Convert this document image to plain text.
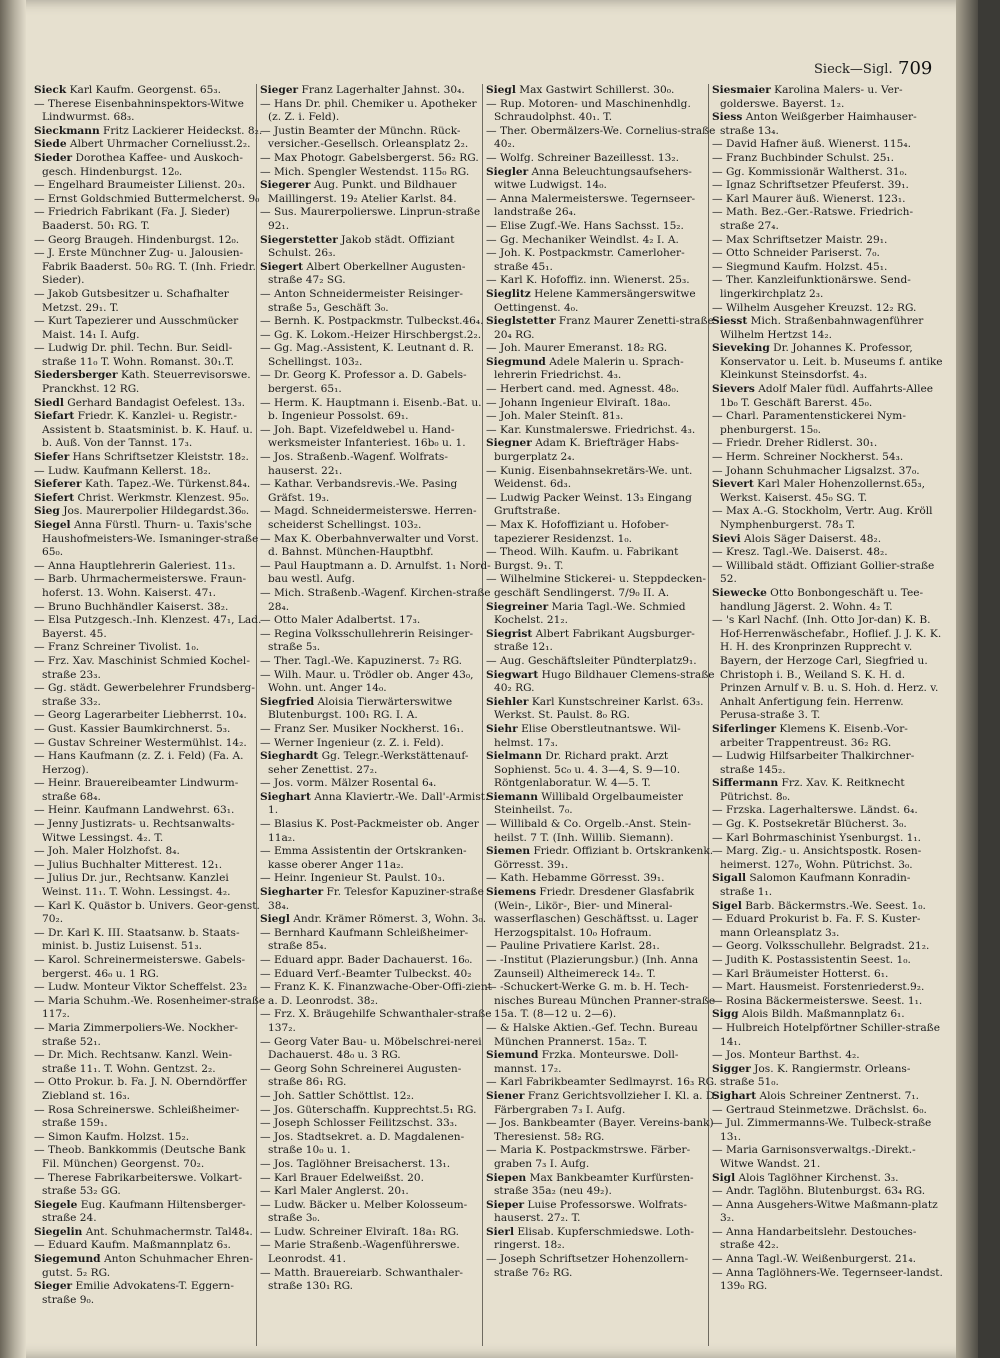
Sieck—Sigl. 709

Sieck Karl Kaufm. Georgenst. 65₃.

— Therese Eisenbahninspektors-Witwe Lindwurmst. 68₃.

Sieckmann Fritz Lackierer Heideckst. 8₂.

Siede Albert Uhrmacher Corneliusst.2₂.

Sieder Dorothea Kaffee- und Auskoch-gesch. Hindenburgst. 12₀.

— Engelhard Braumeister Lilienst. 20₃.

— Ernst Goldschmied Buttermelcherst. 9₀

— Friedrich Fabrikant (Fa. J. Sieder) Baaderst. 50₁ RG. T.

— Georg Braugeh. Hindenburgst. 12₀.

— J. Erste Münchner Zug- u. Jalousien-Fabrik Baaderst. 50₀ RG. T. (Inh. Friedr. Sieder).

— Jakob Gutsbesitzer u. Schafhalter Metzst. 29₁. T.

— Kurt Tapezierer und Ausschmücker Maist. 14₁ I. Aufg.

— Ludwig Dr. phil. Techn. Bur. Seidl-straße 11₀ T. Wohn. Romanst. 30₁.T.

Siedersberger Kath. Steuerrevisorswe. Pranckhst. 12 RG.

Siedl Gerhard Bandagist Oefelest. 13₃.

Siefart Friedr. K. Kanzlei- u. Registr.-Assistent b. Staatsminist. b. K. Hauf. u. b. Auß. Von der Tannst. 17₃.

Siefer Hans Schriftsetzer Kleiststr. 18₂.

— Ludw. Kaufmann Kellerst. 18₂.

Sieferer Kath. Tapez.-We. Türkenst.84₄.

Siefert Christ. Werkmstr. Klenzest. 95₀.

Sieg Jos. Maurerpolier Hildegardst.36₀.

Siegel Anna Fürstl. Thurn- u. Taxis'sche Haushofmeisters-We. Ismaninger-straße 65₀.

— Anna Hauptlehrerin Galeriest. 11₃.

— Barb. Uhrmachermeisterswe. Fraun-hoferst. 13. Wohn. Kaiserst. 47₁.

— Bruno Buchhändler Kaiserst. 38₂.

— Elsa Putzgesch.-Inh. Klenzest. 47₁, Lad. Bayerst. 45.

— Franz Schreiner Tivolist. 1₀.

— Frz. Xav. Maschinist Schmied Kochel-straße 23₃.

— Gg. städt. Gewerbelehrer Frundsberg-straße 33₂.

— Georg Lagerarbeiter Liebherrst. 10₄.

— Gust. Kassier Baumkirchnerst. 5₃.

— Gustav Schreiner Westermühlst. 14₂.

— Hans Kaufmann (z. Z. i. Feld) (Fa. A. Herzog).

— Heinr. Brauereibeamter Lindwurm-straße 68₄.

— Heinr. Kaufmann Landwehrst. 63₁.

— Jenny Justizrats- u. Rechtsanwalts-Witwe Lessingst. 4₂. T.

— Joh. Maler Holzhofst. 8₄.

— Julius Buchhalter Mitterest. 12₁.

— Julius Dr. jur., Rechtsanw. Kanzlei Weinst. 11₁. T. Wohn. Lessingst. 4₂.

— Karl K. Quästor b. Univers. Geor-genst. 70₂.

— Dr. Karl K. III. Staatsanw. b. Staats-minist. b. Justiz Luisenst. 51₃.

— Karol. Schreinermeisterswe. Gabels-bergerst. 46₀ u. 1 RG.

— Ludw. Monteur Viktor Scheffelst. 23₂

— Maria Schuhm.-We. Rosenheimer-straße 117₂.

— Maria Zimmerpoliers-We. Nockher-straße 52₁.

— Dr. Mich. Rechtsanw. Kanzl. Wein-straße 11₁. T. Wohn. Gentzst. 2₂.

— Otto Prokur. b. Fa. J. N. Oberndörffer Ziebland st. 16₃.

— Rosa Schreinerswe. Schleißheimer-straße 159₁.

— Simon Kaufm. Holzst. 15₂.

— Theob. Bankkommis (Deutsche Bank Fil. München) Georgenst. 70₂.

— Therese Fabrikarbeiterswe. Volkart-straße 53₂ GG.

Siegele Eug. Kaufmann Hiltensberger-straße 24.

Siegelin Ant. Schuhmachermstr. Tal48₄.

— Eduard Kaufm. Maßmannplatz 6₃.

Siegemund Anton Schuhmacher Ehren-gutst. 5₂ RG.

Sieger Emilie Advokatens-T. Eggern-straße 9₀.

Sieger Franz Lagerhalter Jahnst. 30₄.

— Hans Dr. phil. Chemiker u. Apotheker (z. Z. i. Feld).

— Justin Beamter der Münchn. Rück-versicher.-Gesellsch. Orleansplatz 2₂.

— Max Photogr. Gabelsbergerst. 56₂ RG.

— Mich. Spengler Westendst. 115₀ RG.

Siegerer Aug. Punkt. und Bildhauer Maillingerst. 19₂ Atelier Karlst. 84.

— Sus. Maurerpolierswe. Linprun-straße 92₁.

Siegerstetter Jakob städt. Offiziant Schulst. 26₃.

Siegert Albert Oberkellner Augusten-straße 47₂ SG.

— Anton Schneidermeister Reisinger-straße 5₃, Geschäft 3₀.

— Bernh. K. Postpackmstr. Tulbeckst.46₄.

— Gg. K. Lokom.-Heizer Hirschbergst.2₂.

— Gg. Mag.-Assistent, K. Leutnant d. R. Schellingst. 103₂.

— Dr. Georg K. Professor a. D. Gabels-bergerst. 65₁.

— Herm. K. Hauptmann i. Eisenb.-Bat. u. b. Ingenieur Possolst. 69₁.

— Joh. Bapt. Vizefeldwebel u. Hand-werksmeister Infanteriest. 16b₀ u. 1.

— Jos. Straßenb.-Wagenf. Wolfrats-hauserst. 22₁.

— Kathar. Verbandsrevis.-We. Pasing Gräfst. 19₃.

— Magd. Schneidermeisterswe. Herren-scheiderst Schellingst. 103₂.

— Max K. Oberbahnverwalter und Vorst. d. Bahnst. München-Hauptbhf.

— Paul Hauptmann a. D. Arnulfst. 1₁ Nord-bau westl. Aufg.

— Mich. Straßenb.-Wagenf. Kirchen-straße 28₄.

— Otto Maler Adalbertst. 17₃.

— Regina Volksschullehrerin Reisinger-straße 5₃.

— Ther. Tagl.-We. Kapuzinerst. 7₂ RG.

— Wilh. Maur. u. Trödler ob. Anger 43₀, Wohn. unt. Anger 14₀.

Siegfried Aloisia Tierwärterswitwe Blutenburgst. 100₁ RG. I. A.

— Franz Ser. Musiker Nockherst. 16₁.

— Werner Ingenieur (z. Z. i. Feld).

Sieghardt Gg. Telegr.-Werkstättenauf-seher Zenettist. 27₂.

— Jos. vorm. Mälzer Rosental 6₄.

Sieghart Anna Klaviertr.-We. Dall'-Armist. 1.

— Blasius K. Post-Packmeister ob. Anger 11a₂.

— Emma Assistentin der Ortskranken-kasse oberer Anger 11a₂.

— Heinr. Ingenieur St. Paulst. 10₃.

Siegharter Fr. Telesfor Kapuziner-straße 38₄.

Siegl Andr. Krämer Römerst. 3, Wohn. 3₀.

— Bernhard Kaufmann Schleißheimer-straße 85₄.

— Eduard appr. Bader Dachauerst. 16₀.

— Eduard Verf.-Beamter Tulbeckst. 40₂

— Franz K. K. Finanzwache-Ober-Offi-zient a. D. Leonrodst. 38₂.

— Frz. X. Bräugehilfe Schwanthaler-straße 137₂.

— Georg Vater Bau- u. Möbelschrei-nerei Dachauerst. 48₀ u. 3 RG.

— Georg Sohn Schreinerei Augusten-straße 86₁ RG.

— Joh. Sattler Schöttlst. 12₂.

— Jos. Güterschaffn. Kupprechtst.5₁ RG.

— Joseph Schlosser Feilitzschst. 33₃.

— Jos. Stadtsekret. a. D. Magdalenen-straße 10₀ u. 1.

— Jos. Taglöhner Breisacherst. 13₁.

— Karl Brauer Edelweißst. 20.

— Karl Maler Anglerst. 20₁.

— Ludw. Bäcker u. Melber Kolosseum-straße 3₀.

— Ludw. Schreiner Elviraſt. 18a₁ RG.

— Marie Straßenb.-Wagenführerswe. Leonrodst. 41.

— Matth. Brauereiarb. Schwanthaler-straße 130₁ RG.

Siegl Max Gastwirt Schillerst. 30₀.

— Rup. Motoren- und Maschinenhdlg. Schraudolphst. 40₁. T.

— Ther. Obermälzers-We. Cornelius-straße 40₂.

— Wolfg. Schreiner Bazeillesst. 13₂.

Siegler Anna Beleuchtungsaufsehers-witwe Ludwigst. 14₀.

— Anna Malermeisterswe. Tegernseer-landstraße 26₄.

— Elise Zugf.-We. Hans Sachsst. 15₂.

— Gg. Mechaniker Weindlst. 4₂ I. A.

— Joh. K. Postpackmstr. Camerloher-straße 45₁.

— Karl K. Hofoffiz. inn. Wienerst. 25₃.

Sieglitz Helene Kammersängerswitwe Oettingenst. 4₀.

Sieglstetter Franz Maurer Zenetti-straße 20₄ RG.

— Joh. Maurer Emeranst. 18₂ RG.

Siegmund Adele Malerin u. Sprach-lehrerin Friedrichst. 4₃.

— Herbert cand. med. Agnesst. 48₀.

— Johann Ingenieur Elviraſt. 18a₀.

— Joh. Maler Steinſt. 81₃.

— Kar. Kunstmalerswe. Friedrichst. 4₃.

Siegner Adam K. Briefträger Habs-burgerplatz 2₄.

— Kunig. Eisenbahnsekretärs-We. unt. Weidenst. 6d₃.

— Ludwig Packer Weinst. 13₃ Eingang Gruftstraße.

— Max K. Hofoffiziant u. Hofober-tapezierer Residenzst. 1₀.

— Theod. Wilh. Kaufm. u. Fabrikant Burgst. 9₁. T.

— Wilhelmine Stickerei- u. Steppdecken-geschäft Sendlingerst. 7/9₀ II. A.

Siegreiner Maria Tagl.-We. Schmied Kochelst. 21₂.

Siegrist Albert Fabrikant Augsburger-straße 12₁.

— Aug. Geschäftsleiter Pündterplatz9₁.

Siegwart Hugo Bildhauer Clemens-straße 40₂ RG.

Siehler Karl Kunstschreiner Karlst. 63₃. Werkst. St. Paulst. 8₀ RG.

Siehr Elise Oberstleutnantswe. Wil-helmst. 17₃.

Sielmann Dr. Richard prakt. Arzt Sophienst. 5c₀ u. 4. 3—4, S. 9—10. Röntgenlaboratur. W. 4—5. T.

Siemann Willibald Orgelbaumeister Steinheilst. 7₀.

— Willibald & Co. Orgelb.-Anst. Stein-heilst. 7 T. (Inh. Willib. Siemann).

Siemen Friedr. Offiziant b. Ortskrankenk. Görresst. 39₁.

— Kath. Hebamme Görresst. 39₁.

Siemens Friedr. Dresdener Glasfabrik (Wein-, Likör-, Bier- und Mineral-wasserflaschen) Geschäftsst. u. Lager Herzogspitalst. 10₀ Hofraum.

— Pauline Privatiere Karlst. 28₁.

— -Institut (Plazierungsbur.) (Inh. Anna Zaunseil) Altheimereck 14₂. T.

— -Schuckert-Werke G. m. b. H. Tech-nisches Bureau München Pranner-straße 15a. T. (8—12 u. 2—6).

— & Halske Aktien.-Gef. Techn. Bureau München Prannerst. 15a₂. T.

Siemund Frzka. Monteurswe. Doll-mannst. 17₂.

— Karl Fabrikbeamter Sedlmayrst. 16₃ RG.

Siener Franz Gerichtsvollzieher I. Kl. a. D. Färbergraben 7₃ I. Aufg.

— Jos. Bankbeamter (Bayer. Vereins-bank) Theresienst. 58₂ RG.

— Maria K. Postpackmstrswe. Färber-graben 7₃ I. Aufg.

Siepen Max Bankbeamter Kurfürsten-straße 35a₂ (neu 49₂).

Sieper Luise Professorswe. Wolfrats-hauserst. 27₂. T.

Sierl Elisab. Kupferschmiedswe. Loth-ringerst. 18₂.

— Joseph Schriftsetzer Hohenzollern-straße 76₂ RG.

Siesmaier Karolina Malers- u. Ver-golderswe. Bayerst. 1₂.

Siess Anton Weißgerber Haimhauser-straße 13₄.

— David Hafner äuß. Wienerst. 115₄.

— Franz Buchbinder Schulst. 25₁.

— Gg. Kommissionär Waltherst. 31₀.

— Ignaz Schriftsetzer Pfeuferst. 39₁.

— Karl Maurer äuß. Wienerst. 123₁.

— Math. Bez.-Ger.-Ratswe. Friedrich-straße 27₄.

— Max Schriftsetzer Maistr. 29₁.

— Otto Schneider Pariserst. 7₀.

— Siegmund Kaufm. Holzst. 45₁.

— Ther. Kanzleifunktionärswe. Send-lingerkirchplatz 2₃.

— Wilhelm Ausgeher Kreuzst. 12₂ RG.

Siesst Mich. Straßenbahnwagenführer Wilhelm Hertzst 14₂.

Sieveking Dr. Johannes K. Professor, Konservator u. Leit. b. Museums f. antike Kleinkunst Steinsdorfst. 4₃.

Sievers Adolf Maler füdl. Auffahrts-Allee 1b₀ T. Geschäft Barerst. 45₀.

— Charl. Paramentenstickerei Nym-phenburgerst. 15₀.

— Friedr. Dreher Ridlerst. 30₁.

— Herm. Schreiner Nockherst. 54₃.

— Johann Schuhmacher Ligsalzst. 37₀.

Sievert Karl Maler Hohenzollernst.65₃, Werkst. Kaiserst. 45₀ SG. T.

— Max A.-G. Stockholm, Vertr. Aug. Kröll Nymphenburgerst. 78₃ T.

Sievi Alois Säger Daiserst. 48₂.

— Kresz. Tagl.-We. Daiserst. 48₂.

— Willibald städt. Offiziant Gollier-straße 52.

Siewecke Otto Bonbongeschäft u. Tee-handlung Jägerst. 2. Wohn. 4₂ T.

— 's Karl Nachf. (Inh. Otto Jor-dan) K. B. Hof-Herrenwäschefabr., Hoflief. J. J. K. K. H. H. des Kronprinzen Rupprecht v. Bayern, der Herzoge Carl, Siegfried u. Christoph i. B., Weiland S. K. H. d. Prinzen Arnulf v. B. u. S. Hoh. d. Herz. v. Anhalt Anfertigung fein. Herrenw. Perusa-straße 3. T.

Siferlinger Klemens K. Eisenb.-Vor-arbeiter Trappentreust. 36₂ RG.

— Ludwig Hilfsarbeiter Thalkirchner-straße 145₂.

Siffermann Frz. Xav. K. Reitknecht Pütrichst. 8₀.

— Frzska. Lagerhalterswe. Ländst. 6₄.

— Gg. K. Postsekretär Blücherst. 3₀.

— Karl Bohrmaschinist Ysenburgst. 1₁.

— Marg. Zig.- u. Ansichtspostk. Rosen-heimerst. 127₀, Wohn. Pütrichst. 3₀.

Sigall Salomon Kaufmann Konradin-straße 1₁.

Sigel Barb. Bäckermstrs.-We. Seest. 1₀.

— Eduard Prokurist b. Fa. F. S. Kuster-mann Orleansplatz 3₃.

— Georg. Volksschullehr. Belgradst. 21₂.

— Judith K. Postassistentin Seest. 1₀.

— Karl Bräumeister Hotterst. 6₁.

— Mart. Hausmeist. Forstenriederst.9₂.

— Rosina Bäckermeisterswe. Seest. 1₁.

Sigg Alois Bildh. Maßmannplatz 6₁.

— Hulbreich Hotelpförtner Schiller-straße 14₁.

— Jos. Monteur Barthst. 4₂.

Sigger Jos. K. Rangiermstr. Orleans-straße 51₀.

Sighart Alois Schreiner Zentnerst. 7₁.

— Gertraud Steinmetzwe. Drächslst. 6₀.

— Jul. Zimmermanns-We. Tulbeck-straße 13₁.

— Maria Garnisonsverwaltgs.-Direkt.-Witwe Wandst. 21.

Sigl Alois Taglöhner Kirchenst. 3₃.

— Andr. Taglöhn. Blutenburgst. 63₄ RG.

— Anna Ausgehers-Witwe Maßmann-platz 3₂.

— Anna Handarbeitslehr. Destouches-straße 42₂.

— Anna Tagl.-W. Weißenburgerst. 21₄.

— Anna Taglöhners-We. Tegernseer-landst. 139₀ RG.
